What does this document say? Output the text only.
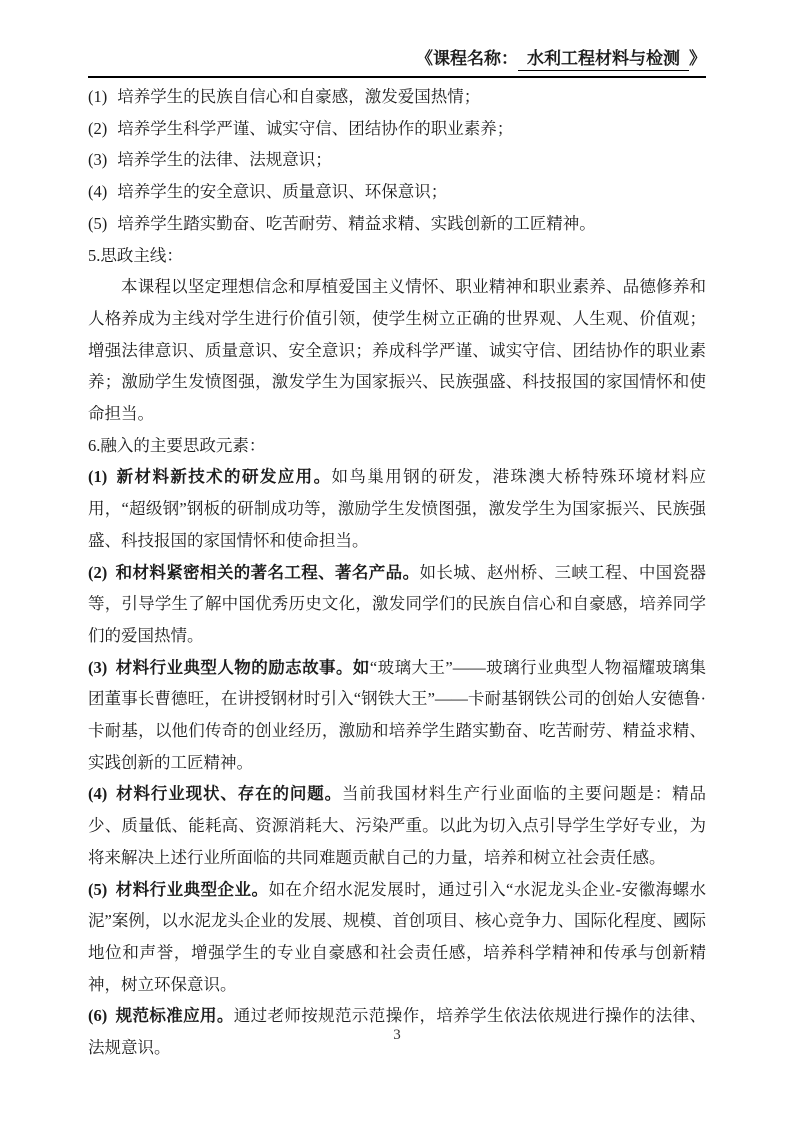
《课程名称： 水利工程材料与检测 》

(1) 培养学生的民族自信心和自豪感，激发爱国热情；

(2) 培养学生科学严谨、诚实守信、团结协作的职业素养；

(3) 培养学生的法律、法规意识；

(4) 培养学生的安全意识、质量意识、环保意识；

(5) 培养学生踏实勤奋、吃苦耐劳、精益求精、实践创新的工匠精神。

5.思政主线：

本课程以坚定理想信念和厚植爱国主义情怀、职业精神和职业素养、品德修养和人格养成为主线对学生进行价值引领，使学生树立正确的世界观、人生观、价值观；增强法律意识、质量意识、安全意识；养成科学严谨、诚实守信、团结协作的职业素养；激励学生发愤图强，激发学生为国家振兴、民族强盛、科技报国的家国情怀和使命担当。

6.融入的主要思政元素：

(1) 新材料新技术的研发应用。如鸟巢用钢的研发，港珠澳大桥特殊环境材料应用，“超级钢”钢板的研制成功等，激励学生发愤图强，激发学生为国家振兴、民族强盛、科技报国的家国情怀和使命担当。

(2) 和材料紧密相关的著名工程、著名产品。如长城、赵州桥、三峡工程、中国瓷器等，引导学生了解中国优秀历史文化，激发同学们的民族自信心和自豪感，培养同学们的爱国热情。

(3) 材料行业典型人物的励志故事。如“玻璃大王”——玻璃行业典型人物福耀玻璃集团董事长曹德旺，在讲授钢材时引入“钢铁大王”——卡耐基钢铁公司的创始人安德鲁·卡耐基，以他们传奇的创业经历，激励和培养学生踏实勤奋、吃苦耐劳、精益求精、实践创新的工匠精神。

(4) 材料行业现状、存在的问题。当前我国材料生产行业面临的主要问题是：精品少、质量低、能耗高、资源消耗大、污染严重。以此为切入点引导学生学好专业，为将来解决上述行业所面临的共同难题贡献自己的力量，培养和树立社会责任感。

(5) 材料行业典型企业。如在介绍水泥发展时，通过引入“水泥龙头企业-安徽海螺水泥”案例，以水泥龙头企业的发展、规模、首创项目、核心竞争力、国际化程度、國际地位和声誉，增强学生的专业自豪感和社会责任感，培养科学精神和传承与创新精神，树立环保意识。

(6) 规范标准应用。通过老师按规范示范操作，培养学生依法依规进行操作的法律、法规意识。

3
